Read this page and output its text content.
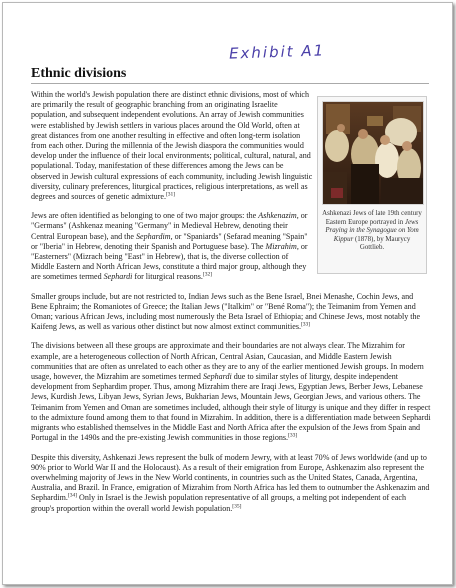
Exhibit A1
Ethnic divisions
Ashkenazi Jews of late 19th century Eastern Europe portrayed in Jews Praying in the Synagogue on Yom Kippur (1878), by Maurycy Gottlieb.

Within the world's Jewish population there are distinct ethnic divisions, most of which are primarily the result of geographic branching from an originating Israelite population, and subsequent independent evolutions. An array of Jewish communities were established by Jewish settlers in various places around the Old World, often at great distances from one another resulting in effective and often long-term isolation from each other. During the millennia of the Jewish diaspora the communities would develop under the influence of their local environments; political, cultural, natural, and populational. Today, manifestation of these differences among the Jews can be observed in Jewish cultural expressions of each community, including Jewish linguistic diversity, culinary preferences, liturgical practices, religious interpretations, as well as degrees and sources of genetic admixture.[31]

Jews are often identified as belonging to one of two major groups: the Ashkenazim, or "Germans" (Ashkenaz meaning "Germany" in Medieval Hebrew, denoting their Central European base), and the Sephardim, or "Spaniards" (Sefarad meaning "Spain" or "Iberia" in Hebrew, denoting their Spanish and Portuguese base). The Mizrahim, or "Easterners" (Mizrach being "East" in Hebrew), that is, the diverse collection of Middle Eastern and North African Jews, constitute a third major group, although they are sometimes termed Sephardi for liturgical reasons.[32]

Smaller groups include, but are not restricted to, Indian Jews such as the Bene Israel, Bnei Menashe, Cochin Jews, and Bene Ephraim; the Romaniotes of Greece; the Italian Jews ("Italkim" or "Bené Roma"); the Teimanim from Yemen and Oman; various African Jews, including most numerously the Beta Israel of Ethiopia; and Chinese Jews, most notably the Kaifeng Jews, as well as various other distinct but now almost extinct communities.[33]

The divisions between all these groups are approximate and their boundaries are not always clear. The Mizrahim for example, are a heterogeneous collection of North African, Central Asian, Caucasian, and Middle Eastern Jewish communities that are often as unrelated to each other as they are to any of the earlier mentioned Jewish groups. In modern usage, however, the Mizrahim are sometimes termed Sephardi due to similar styles of liturgy, despite independent development from Sephardim proper. Thus, among Mizrahim there are Iraqi Jews, Egyptian Jews, Berber Jews, Lebanese Jews, Kurdish Jews, Libyan Jews, Syrian Jews, Bukharian Jews, Mountain Jews, Georgian Jews, and various others. The Teimanim from Yemen and Oman are sometimes included, although their style of liturgy is unique and they differ in respect to the admixture found among them to that found in Mizrahim. In addition, there is a differentiation made between Sephardi migrants who established themselves in the Middle East and North Africa after the expulsion of the Jews from Spain and Portugal in the 1490s and the pre-existing Jewish communities in those regions.[33]

Despite this diversity, Ashkenazi Jews represent the bulk of modern Jewry, with at least 70% of Jews worldwide (and up to 90% prior to World War II and the Holocaust). As a result of their emigration from Europe, Ashkenazim also represent the overwhelming majority of Jews in the New World continents, in countries such as the United States, Canada, Argentina, Australia, and Brazil. In France, emigration of Mizrahim from North Africa has led them to outnumber the Ashkenazim and Sephardim.[34] Only in Israel is the Jewish population representative of all groups, a melting pot independent of each group's proportion within the overall world Jewish population.[35]
